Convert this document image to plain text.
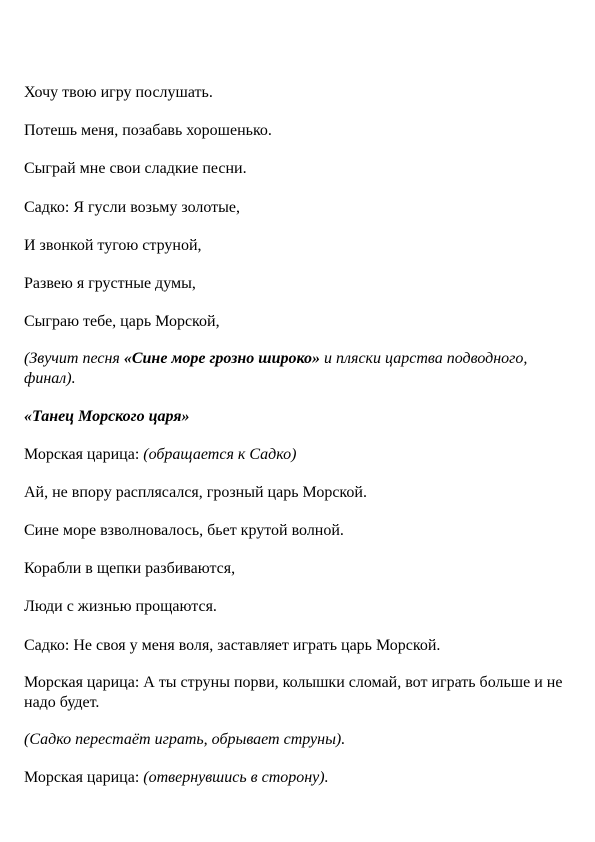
Хочу твою игру послушать.

Потешь меня, позабавь хорошенько.

Сыграй мне свои сладкие песни.

Садко: Я гусли возьму золотые,

И звонкой тугою струной,

Развею я грустные думы,

Сыграю тебе, царь Морской,

(Звучит песня «Сине море грозно широко» и пляски царства подводного, финал).

«Танец Морского царя»

Морская царица: (обращается к Садко)

Ай, не впору расплясался, грозный царь Морской.

Сине море взволновалось, бьет крутой волной.

Корабли в щепки разбиваются,

Люди с жизнью прощаются.

Садко: Не своя у меня воля, заставляет играть царь Морской.

Морская царица: А ты струны порви, колышки сломай, вот играть больше и не надо будет.

(Садко перестаёт играть, обрывает струны).

Морская царица: (отвернувшись в сторону).
